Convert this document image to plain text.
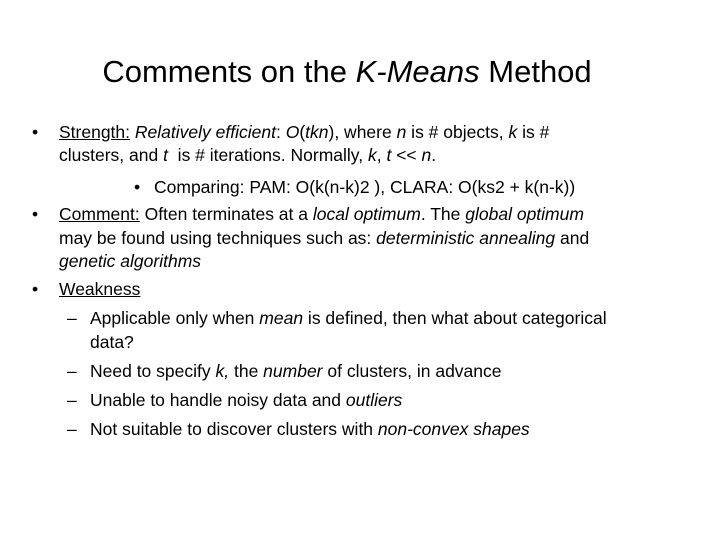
Comments on the K-Means Method
• Strength: Relatively efficient: O(tkn), where n is # objects, k is #
clusters, and t  is # iterations. Normally, k, t << n.
• Comparing: PAM: O(k(n-k)2 ), CLARA: O(ks2 + k(n-k))
• Comment: Often terminates at a local optimum. The global optimum
may be found using techniques such as: deterministic annealing and
genetic algorithms
• Weakness
– Applicable only when mean is defined, then what about categorical
data?
– Need to specify k, the number of clusters, in advance
– Unable to handle noisy data and outliers
– Not suitable to discover clusters with non-convex shapes
